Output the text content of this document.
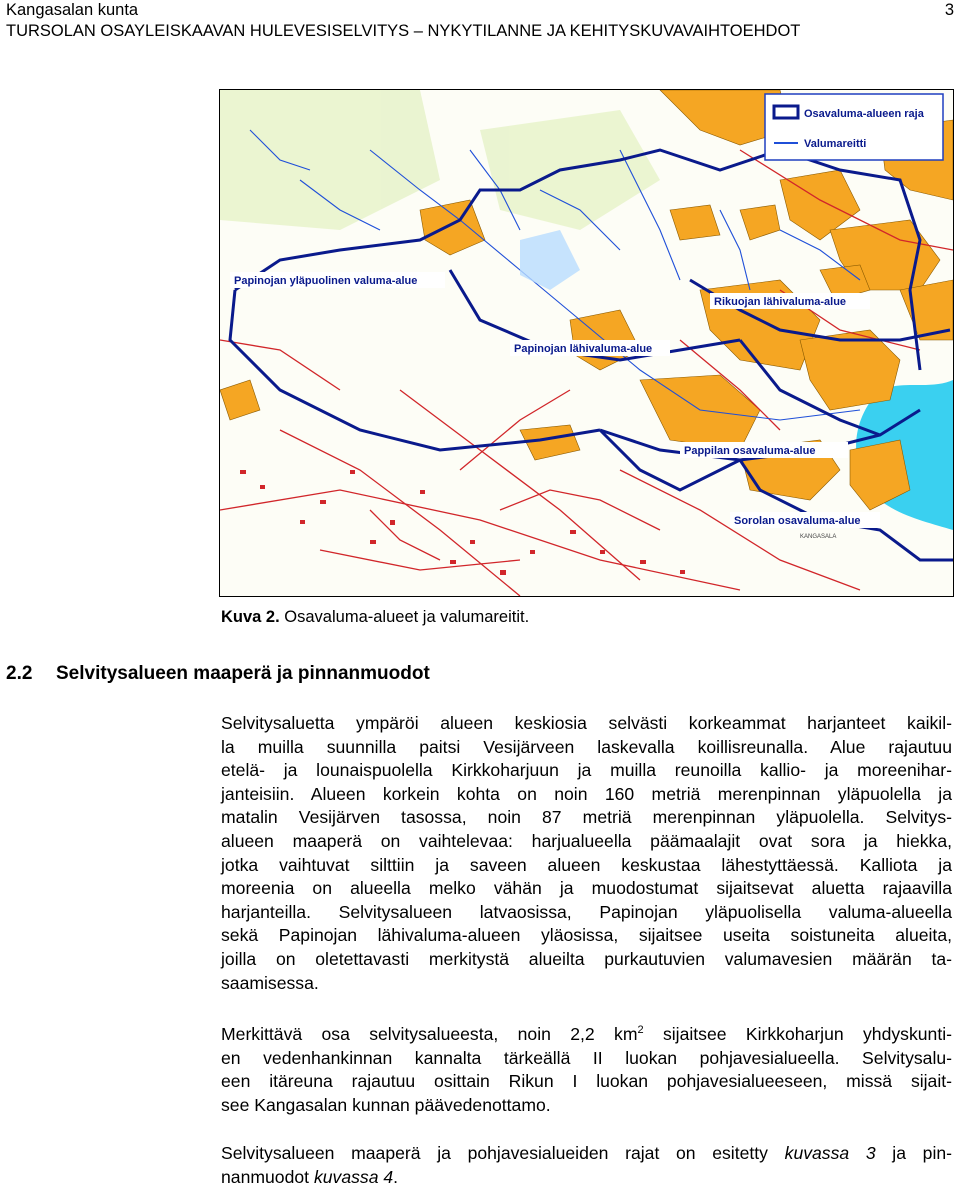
Kangasalan kunta
TURSOLAN OSAYLEISKAAVAN HULEVESISELVITYS – NYKYTILANNE JA KEHITYSKUVAVAIHTOEHDOT
3
Osavaluma-alueen raja
Valumareitti
Papinojan yläpuolinen valuma-alue
Rikuojan lähivaluma-alue
Papinojan lähivaluma-alue
Pappilan osavaluma-alue
Sorolan osavaluma-alue
KANGASALA
Kuva 2. Osavaluma-alueet ja valumareitit.
2.2 Selvitysalueen maaperä ja pinnanmuodot
Selvitysaluetta ympäröi alueen keskiosia selvästi korkeammat harjanteet kaikil-
la muilla suunnilla paitsi Vesijärveen laskevalla koillisreunalla. Alue rajautuu
etelä- ja lounaispuolella Kirkkoharjuun ja muilla reunoilla kallio- ja moreenihar-
janteisiin. Alueen korkein kohta on noin 160 metriä merenpinnan yläpuolella ja
matalin Vesijärven tasossa, noin 87 metriä merenpinnan yläpuolella. Selvitys-
alueen maaperä on vaihtelevaa: harjualueella päämaalajit ovat sora ja hiekka,
jotka vaihtuvat silttiin ja saveen alueen keskustaa lähestyttäessä. Kalliota ja
moreenia on alueella melko vähän ja muodostumat sijaitsevat aluetta rajaavilla
harjanteilla. Selvitysalueen latvaosissa, Papinojan yläpuolisella valuma-alueella
sekä Papinojan lähivaluma-alueen yläosissa, sijaitsee useita soistuneita alueita,
joilla on oletettavasti merkitystä alueilta purkautuvien valumavesien määrän ta-
saamisessa.
Merkittävä osa selvitysalueesta, noin 2,2 $km^2$ sijaitsee Kirkkoharjun yhdyskunti-
en vedenhankinnan kannalta tärkeällä II luokan pohjavesialueella. Selvitysalu-
een itäreuna rajautuu osittain Rikun I luokan pohjavesialueeseen, missä sijait-
see Kangasalan kunnan päävedenottamo.
Selvitysalueen maaperä ja pohjavesialueiden rajat on esitetty kuvassa 3 ja pin-
nanmuodot kuvassa 4.
